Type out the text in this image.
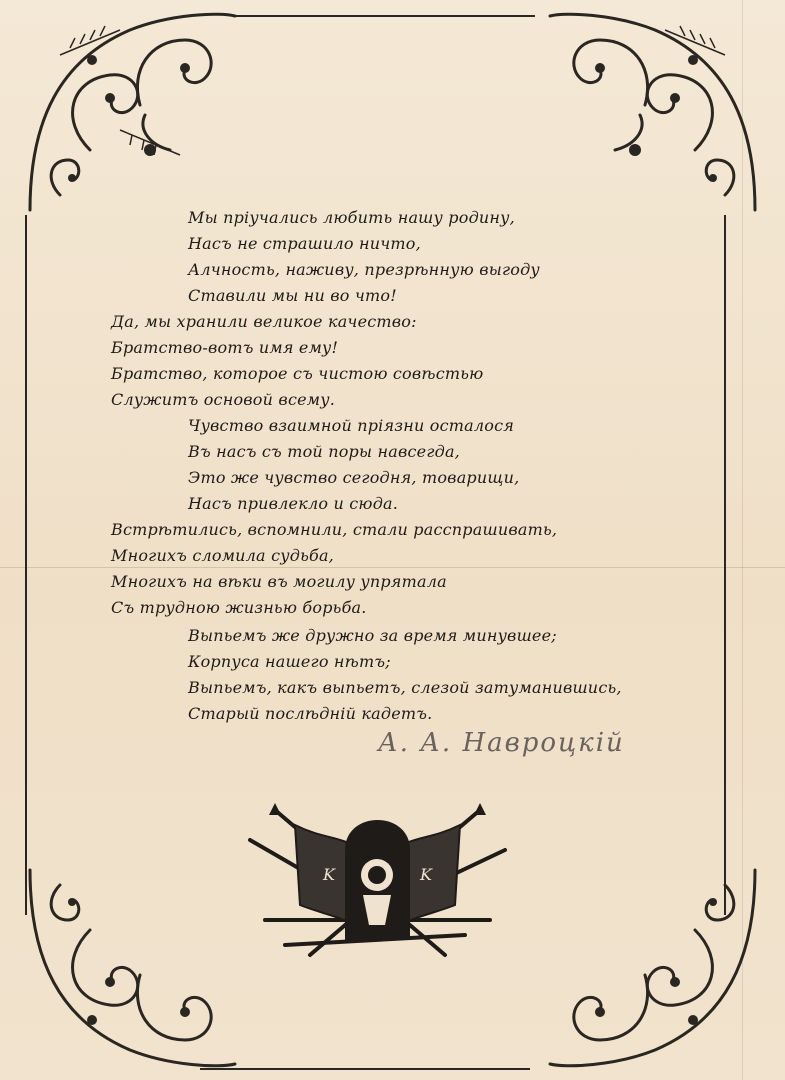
Мы пріучались любить нашу родину,
Насъ не страшило ничто,
Алчность, наживу, презрѣнную выгоду
Ставили мы ни во что!
Да, мы хранили великое качество:
Братство-вотъ имя ему!
Братство, которое съ чистою совѣстью
Служитъ основой всему.
Чувство взаимной пріязни осталося
Въ насъ съ той поры навсегда,
Это же чувство сегодня, товарищи,
Насъ привлекло и сюда.
Встрѣтились, вспомнили, стали расспрашивать,
Многихъ сломила судьба,
Многихъ на вѣки въ могилу упрятала
Съ трудною жизнью борьба.
Выпьемъ же дружно за время минувшее;
Корпуса нашего нѣтъ;
Выпьемъ, какъ выпьетъ, слезой затуманившись,
Старый послѣдній кадетъ.
А. А. Навроцкій
K	K
